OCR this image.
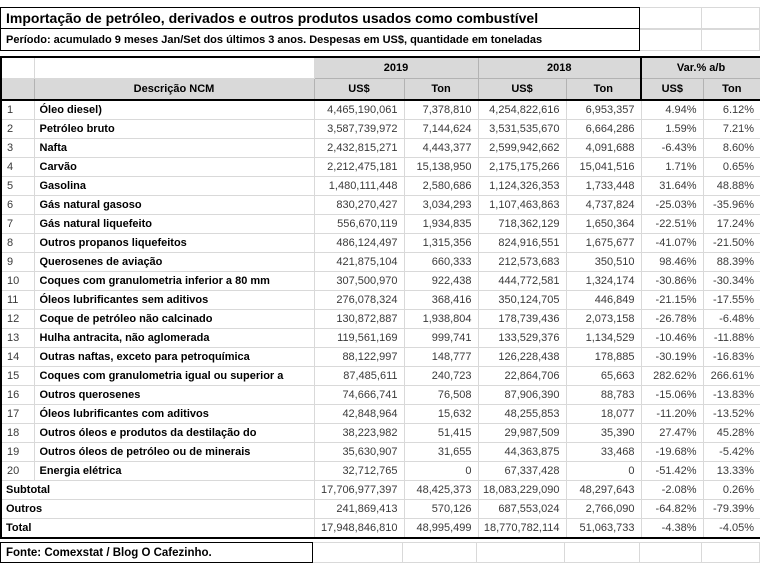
Importação de petróleo, derivados e outros produtos usados como combustível
Período: acumulado 9 meses Jan/Set dos últimos 3 anos. Despesas em US$, quantidade em toneladas
		2019		2018		Var.% a/b	
	Descrição NCM	US$	Ton	US$	Ton	US$	Ton
1	Óleo diesel)	4,465,190,061	7,378,810	4,254,822,616	6,953,357	4.94%	6.12%
2	Petróleo bruto	3,587,739,972	7,144,624	3,531,535,670	6,664,286	1.59%	7.21%
3	Nafta	2,432,815,271	4,443,377	2,599,942,662	4,091,688	-6.43%	8.60%
4	Carvão	2,212,475,181	15,138,950	2,175,175,266	15,041,516	1.71%	0.65%
5	Gasolina	1,480,111,448	2,580,686	1,124,326,353	1,733,448	31.64%	48.88%
6	Gás natural gasoso	830,270,427	3,034,293	1,107,463,863	4,737,824	-25.03%	-35.96%
7	Gás natural liquefeito	556,670,119	1,934,835	718,362,129	1,650,364	-22.51%	17.24%
8	Outros propanos liquefeitos	486,124,497	1,315,356	824,916,551	1,675,677	-41.07%	-21.50%
9	Querosenes de aviação	421,875,104	660,333	212,573,683	350,510	98.46%	88.39%
10	Coques com granulometria inferior a 80 mm	307,500,970	922,438	444,772,581	1,324,174	-30.86%	-30.34%
11	Óleos lubrificantes sem aditivos	276,078,324	368,416	350,124,705	446,849	-21.15%	-17.55%
12	Coque de petróleo não calcinado	130,872,887	1,938,804	178,739,436	2,073,158	-26.78%	-6.48%
13	Hulha antracita, não aglomerada	119,561,169	999,741	133,529,376	1,134,529	-10.46%	-11.88%
14	Outras naftas, exceto para petroquímica	88,122,997	148,777	126,228,438	178,885	-30.19%	-16.83%
15	Coques com granulometria igual ou superior a	87,485,611	240,723	22,864,706	65,663	282.62%	266.61%
16	Outros querosenes	74,666,741	76,508	87,906,390	88,783	-15.06%	-13.83%
17	Óleos lubrificantes com aditivos	42,848,964	15,632	48,255,853	18,077	-11.20%	-13.52%
18	Outros óleos e produtos da destilação do	38,223,982	51,415	29,987,509	35,390	27.47%	45.28%
19	Outros óleos de petróleo ou de minerais	35,630,907	31,655	44,363,875	33,468	-19.68%	-5.42%
20	Energia elétrica	32,712,765	0	67,337,428	0	-51.42%	13.33%
Subtotal		17,706,977,397	48,425,373	18,083,229,090	48,297,643	-2.08%	0.26%
Outros		241,869,413	570,126	687,553,024	2,766,090	-64.82%	-79.39%
Total		17,948,846,810	48,995,499	18,770,782,114	51,063,733	-4.38%	-4.05%
Fonte: Comexstat / Blog O Cafezinho.
